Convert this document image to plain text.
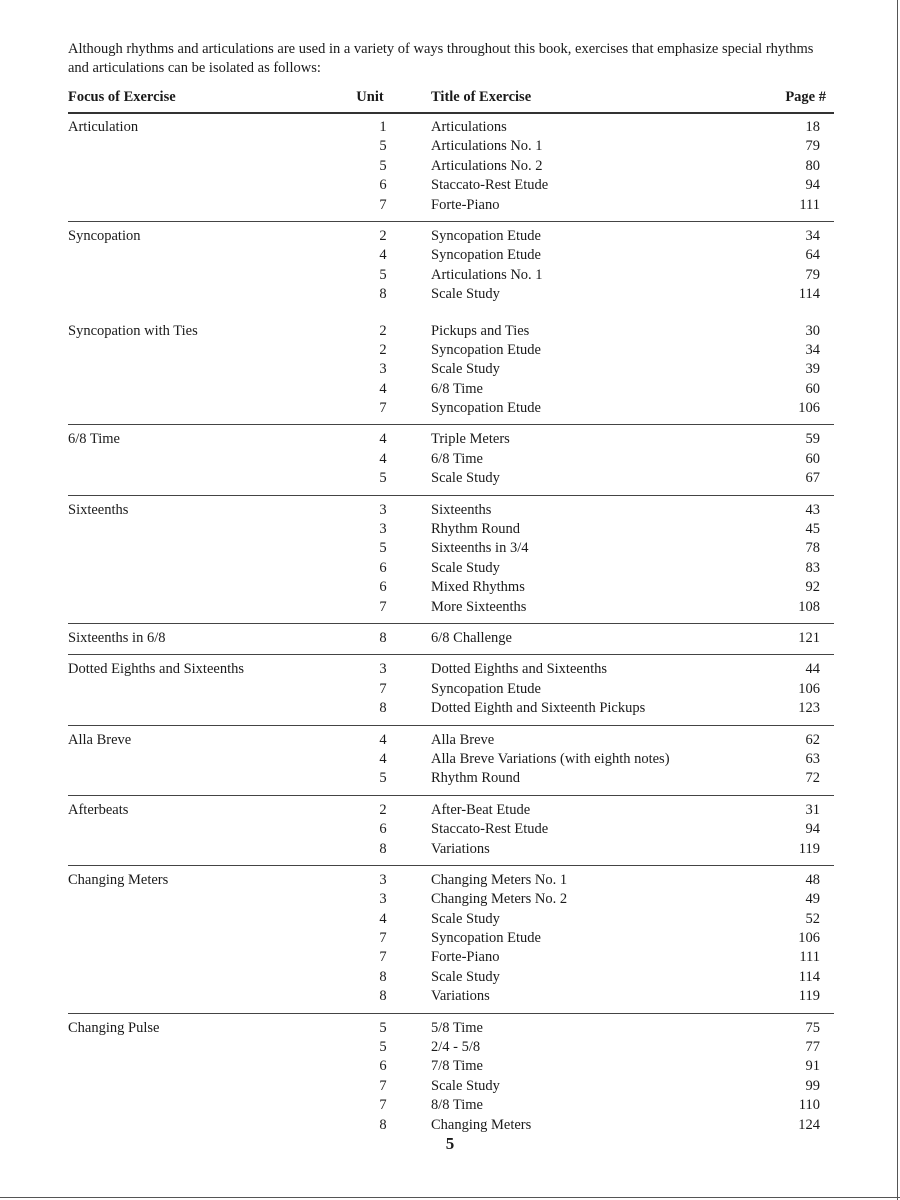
Although rhythms and articulations are used in a variety of ways throughout this book, exercises that emphasize special rhythms and articulations can be isolated as follows:

Focus of Exercise	Unit	Title of Exercise	Page #
Articulation	1	Articulations	18
5	Articulations No. 1	79
5	Articulations No. 2	80
6	Staccato-Rest Etude	94
7	Forte-Piano	111
Syncopation	2	Syncopation Etude	34
4	Syncopation Etude	64
5	Articulations No. 1	79
8	Scale Study	114
Syncopation with Ties	2	Pickups and Ties	30
2	Syncopation Etude	34
3	Scale Study	39
4	6/8 Time	60
7	Syncopation Etude	106
6/8 Time	4	Triple Meters	59
4	6/8 Time	60
5	Scale Study	67
Sixteenths	3	Sixteenths	43
3	Rhythm Round	45
5	Sixteenths in 3/4	78
6	Scale Study	83
6	Mixed Rhythms	92
7	More Sixteenths	108
Sixteenths in 6/8	8	6/8 Challenge	121
Dotted Eighths and Sixteenths	3	Dotted Eighths and Sixteenths	44
7	Syncopation Etude	106
8	Dotted Eighth and Sixteenth Pickups	123
Alla Breve	4	Alla Breve	62
4	Alla Breve Variations (with eighth notes)	63
5	Rhythm Round	72
Afterbeats	2	After-Beat Etude	31
6	Staccato-Rest Etude	94
8	Variations	119
Changing Meters	3	Changing Meters No. 1	48
3	Changing Meters No. 2	49
4	Scale Study	52
7	Syncopation Etude	106
7	Forte-Piano	111
8	Scale Study	114
8	Variations	119
Changing Pulse	5	5/8 Time	75
5	2/4 - 5/8	77
6	7/8 Time	91
7	Scale Study	99
7	8/8 Time	110
8	Changing Meters	124
5
